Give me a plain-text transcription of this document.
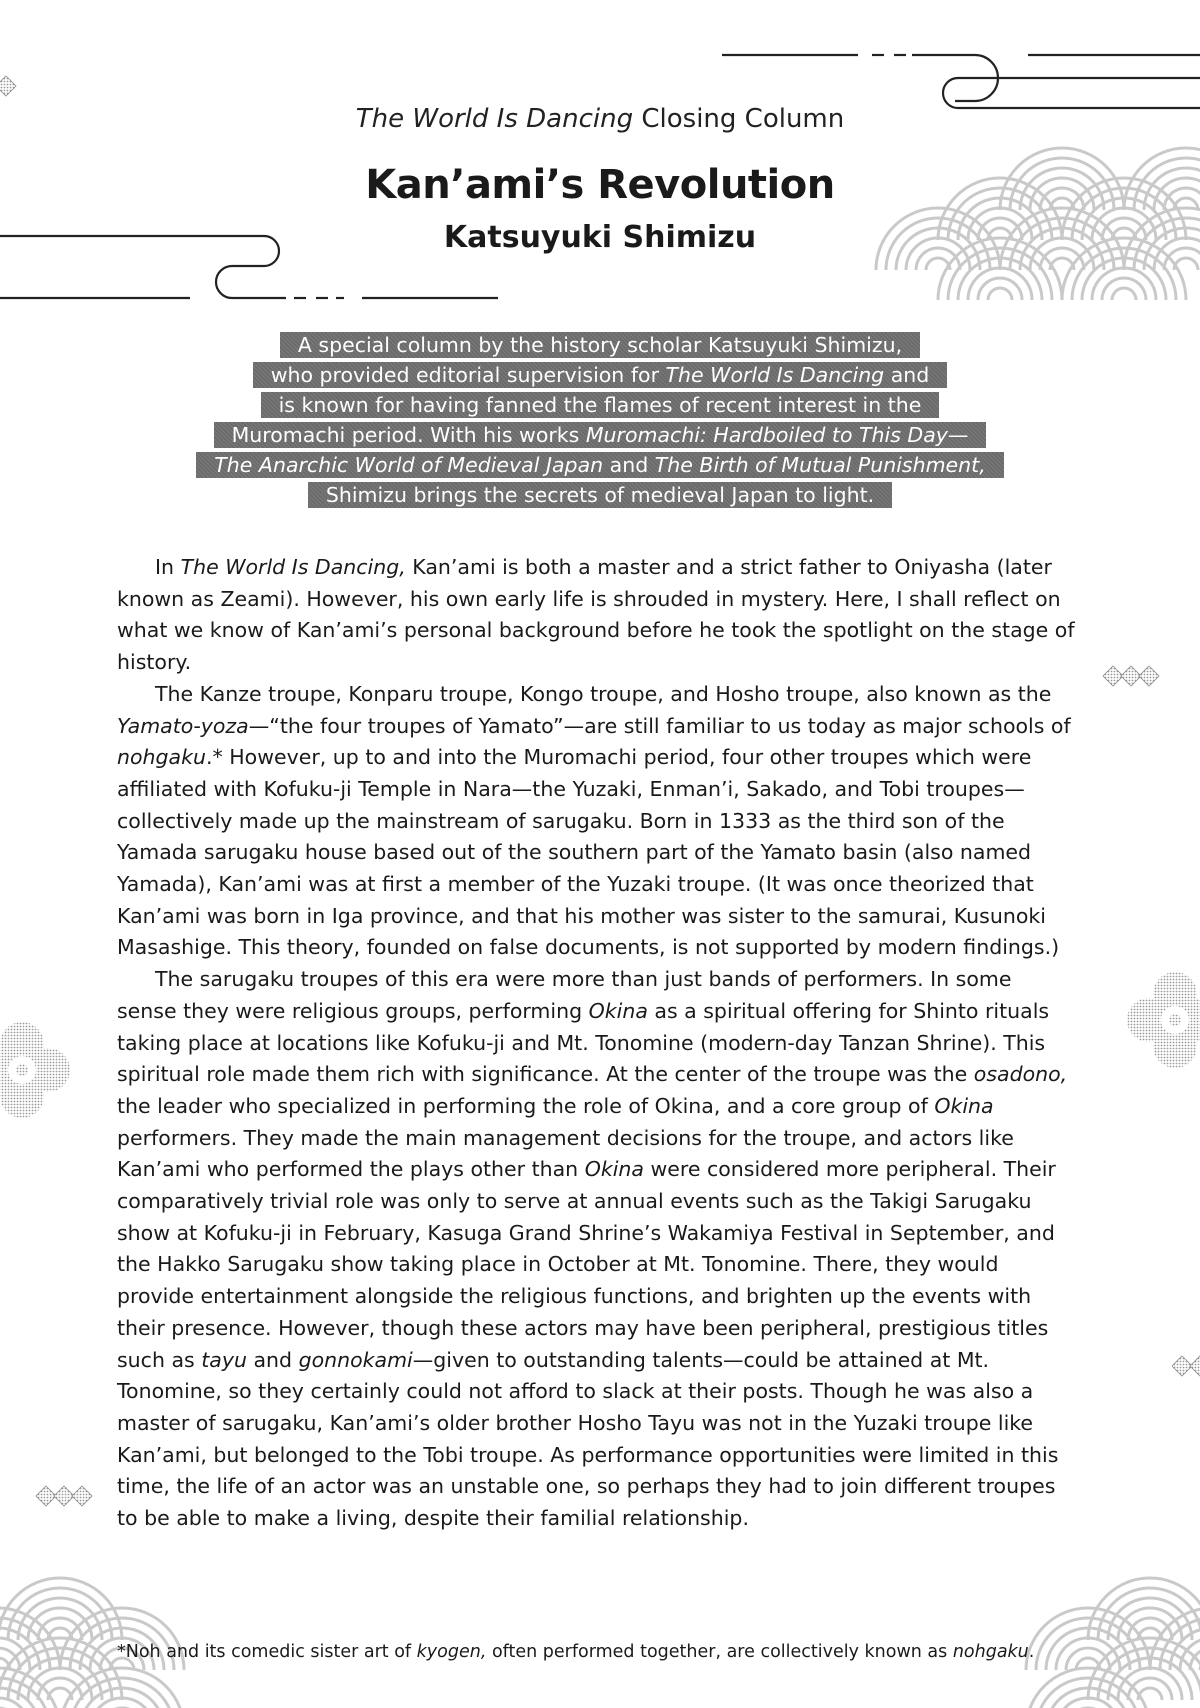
The World Is Dancing Closing Column
Kan’ami’s Revolution
Katsuyuki Shimizu
A special column by the history scholar Katsuyuki Shimizu,
who provided editorial supervision for The World Is Dancing and
is known for having fanned the flames of recent interest in the
Muromachi period. With his works Muromachi: Hardboiled to This Day—
The Anarchic World of Medieval Japan and The Birth of Mutual Punishment,
Shimizu brings the secrets of medieval Japan to light.

In The World Is Dancing, Kan’ami is both a master and a strict father to Oniyasha (later known as Zeami). However, his own early life is shrouded in mystery. Here, I shall reflect on what we know of Kan’ami’s personal background before he took the spotlight on the stage of history.

The Kanze troupe, Konparu troupe, Kongo troupe, and Hosho troupe, also known as the Yamato-yoza—“the four troupes of Yamato”—are still familiar to us today as major schools of nohgaku.* However, up to and into the Muromachi period, four other troupes which were affiliated with Kofuku-ji Temple in Nara—the Yuzaki, Enman’i, Sakado, and Tobi troupes—collectively made up the mainstream of sarugaku. Born in 1333 as the third son of the Yamada sarugaku house based out of the southern part of the Yamato basin (also named Yamada), Kan’ami was at first a member of the Yuzaki troupe. (It was once theorized that Kan’ami was born in Iga province, and that his mother was sister to the samurai, Kusunoki Masashige. This theory, founded on false documents, is not supported by modern findings.)

The sarugaku troupes of this era were more than just bands of performers. In some sense they were religious groups, performing Okina as a spiritual offering for Shinto rituals taking place at locations like Kofuku-ji and Mt. Tonomine (modern-day Tanzan Shrine). This spiritual role made them rich with significance. At the center of the troupe was the osadono, the leader who specialized in performing the role of Okina, and a core group of Okina performers. They made the main management decisions for the troupe, and actors like Kan’ami who performed the plays other than Okina were considered more peripheral. Their comparatively trivial role was only to serve at annual events such as the Takigi Sarugaku show at Kofuku-ji in February, Kasuga Grand Shrine’s Wakamiya Festival in September, and the Hakko Sarugaku show taking place in October at Mt. Tonomine. There, they would provide entertainment alongside the religious functions, and brighten up the events with their presence. However, though these actors may have been peripheral, prestigious titles such as tayu and gonnokami—given to outstanding talents—could be attained at Mt. Tonomine, so they certainly could not afford to slack at their posts. Though he was also a master of sarugaku, Kan’ami’s older brother Hosho Tayu was not in the Yuzaki troupe like Kan’ami, but belonged to the Tobi troupe. As performance opportunities were limited in this time, the life of an actor was an unstable one, so perhaps they had to join different troupes to be able to make a living, despite their familial relationship.

*Noh and its comedic sister art of kyogen, often performed together, are collectively known as nohgaku.
